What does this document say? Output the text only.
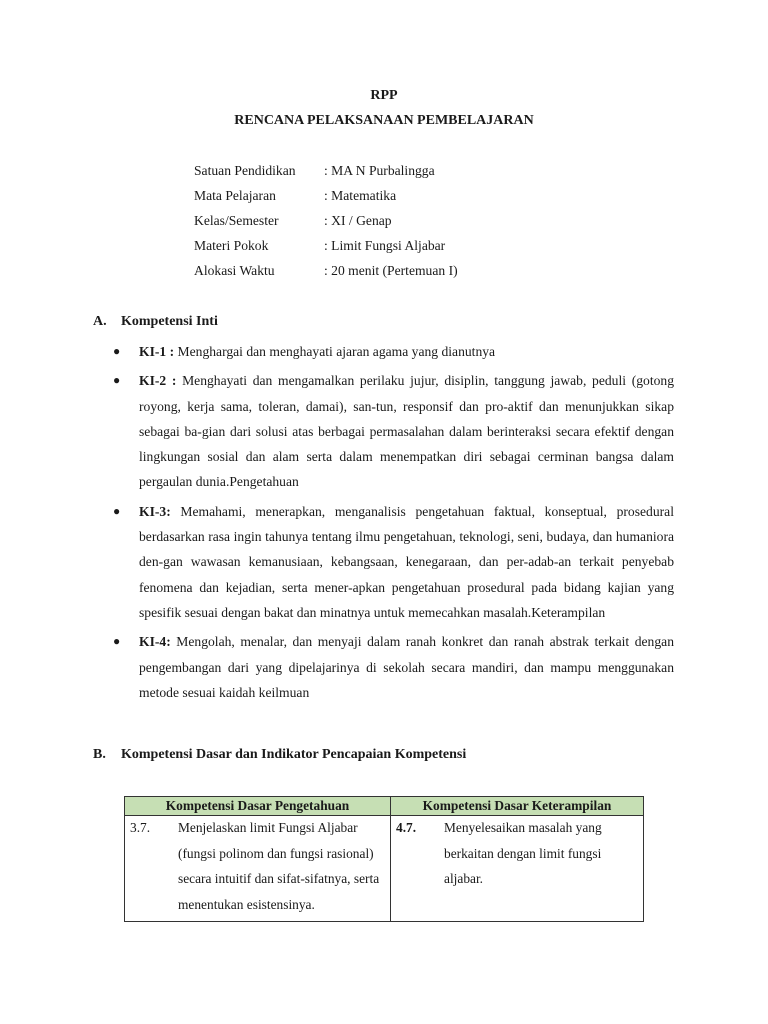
RPP
RENCANA PELAKSANAAN PEMBELAJARAN
Satuan Pendidikan	: MA N Purbalingga
Mata Pelajaran	: Matematika
Kelas/Semester	: XI / Genap
Materi Pokok	: Limit Fungsi Aljabar
Alokasi Waktu	: 20 menit (Pertemuan I)
A. Kompetensi Inti
● KI-1 : Menghargai dan menghayati ajaran agama yang dianutnya

● KI-2 : Menghayati dan mengamalkan perilaku jujur, disiplin, tanggung jawab, peduli (gotong royong, kerja sama, toleran, damai), san-tun, responsif dan pro-aktif dan menunjukkan sikap sebagai ba-gian dari solusi atas berbagai permasalahan dalam berinteraksi secara efektif dengan lingkungan sosial dan alam serta dalam menempatkan diri sebagai cerminan bangsa dalam pergaulan dunia.Pengetahuan

● KI-3: Memahami, menerapkan, menganalisis pengetahuan faktual, konseptual, prosedural berdasarkan rasa ingin tahunya tentang ilmu pengetahuan, teknologi, seni, budaya, dan humaniora den-gan wawasan kemanusiaan, kebangsaan, kenegaraan, dan per-adab-an terkait penyebab fenomena dan kejadian, serta mener-apkan pengetahuan prosedural pada bidang kajian yang spesifik sesuai dengan bakat dan minatnya untuk memecahkan masalah.Keterampilan

● KI-4: Mengolah, menalar, dan menyaji dalam ranah konkret dan ranah abstrak terkait dengan pengembangan dari yang dipelajarinya di sekolah secara mandiri, dan mampu menggunakan metode sesuai kaidah keilmuan

B. Kompetensi Dasar dan Indikator Pencapaian Kompetensi
Kompetensi Dasar Pengetahuan	Kompetensi Dasar Keterampilan

3.7. Menjelaskan limit Fungsi Aljabar (fungsi polinom dan fungsi rasional) secara intuitif dan sifat-sifatnya, serta menentukan esistensinya.	4.7. Menyelesaikan masalah yang berkaitan dengan limit fungsi aljabar.
